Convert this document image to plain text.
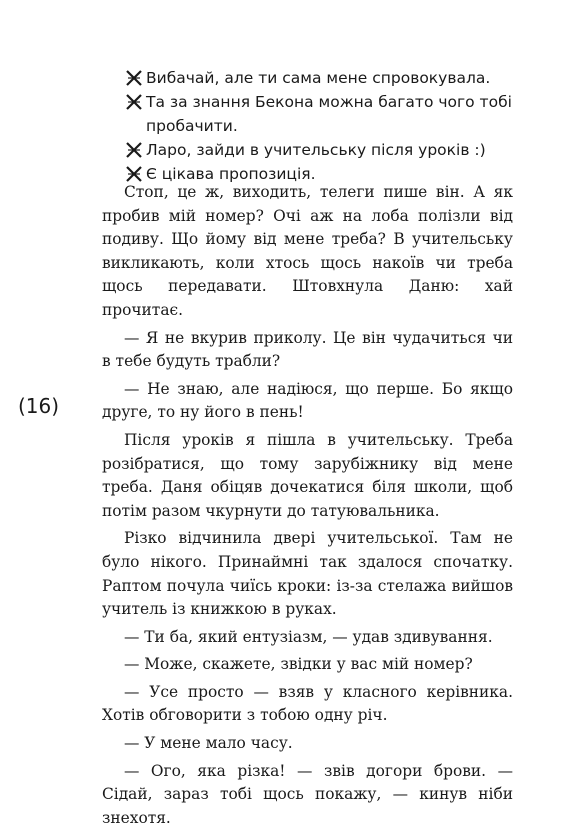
Вибачай, але ти сама мене спровокувала.
Та за знання Бекона можна багато чого тобі пробачити.
Ларо, зайди в учительську після уроків :)
Є цікава пропозиція.
(16)

Стоп, це ж, виходить, телеги пише він. А як пробив мій номер? Очі аж на лоба полізли від подиву. Що йому від мене треба? В учительську викликають, коли хтось щось накоїв чи треба щось передавати. Штовхнула Даню: хай прочитає.

— Я не вкурив приколу. Це він чудачиться чи в тебе будуть трабли?

— Не знаю, але надіюся, що перше. Бо якщо друге, то ну його в пень!

Після уроків я пішла в учительську. Треба розібратися, що тому зарубіжнику від мене треба. Даня обіцяв дочекатися біля школи, щоб потім разом чкурнути до татуювальника.

Різко відчинила двері учительської. Там не було нікого. Принаймні так здалося спочатку. Раптом почула чиїсь кроки: із-за стелажа вийшов учитель із книжкою в руках.

— Ти ба, який ентузіазм, — удав здивування.

— Може, скажете, звідки у вас мій номер?

— Усе просто — взяв у класного керівника. Хотів обговорити з тобою одну річ.

— У мене мало часу.

— Ого, яка різка! — звів догори брови. — Сідай, зараз тобі щось покажу, — кинув ніби знехотя.
